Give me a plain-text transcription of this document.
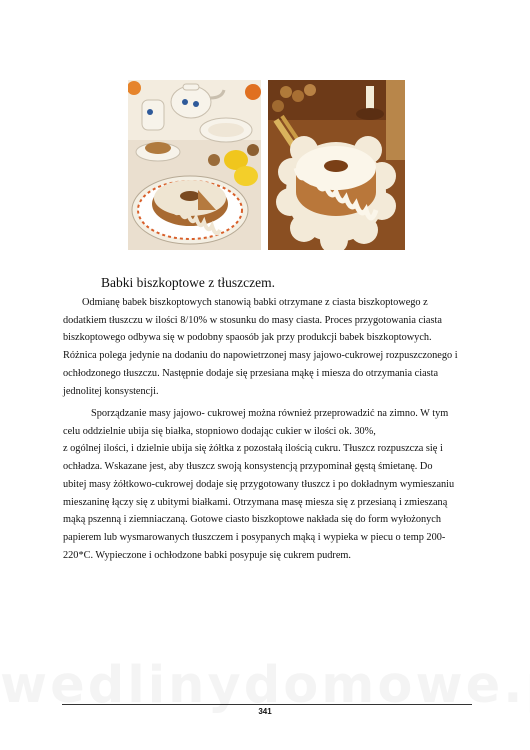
Babki biszkoptowe z tłuszczem.
Odmianę babek biszkoptowych stanowią babki otrzymane z ciasta biszkoptowego z
dodatkiem tłuszczu w ilości 8/10% w stosunku do masy ciasta. Proces przygotowania ciasta
biszkoptowego odbywa się w podobny spaosób jak przy produkcji babek biszkoptowych.
Różnica polega jedynie na dodaniu do napowietrzonej masy jajowo-cukrowej rozpuszczonego i
ochłodzonego tłuszczu. Następnie dodaje się przesiana mąkę i miesza do otrzymania ciasta
jednolitej konsystencji.
Sporządzanie masy jajowo- cukrowej można również przeprowadzić na zimno. W tym
celu oddzielnie ubija się białka, stopniowo dodając cukier w ilości ok. 30%,
z ogólnej ilości, i dzielnie ubija się żółtka z pozostałą ilością cukru. Tłuszcz rozpuszcza się i
ochładza. Wskazane jest, aby tłuszcz swoją konsystencją przypominał gęstą śmietanę. Do
ubitej masy żółtkowo-cukrowej dodaje się przygotowany tłuszcz i po dokładnym wymieszaniu
mieszaninę łączy się z ubitymi białkami. Otrzymana masę miesza się z przesianą i zmieszaną
mąką pszenną i ziemniaczaną. Gotowe ciasto biszkoptowe nakłada się do form wyłożonych
papierem lub wysmarowanych tłuszczem i posypanych mąką i wypieka w piecu o temp 200-
220*C. Wypieczone i ochłodzone babki posypuje się cukrem pudrem.
341
